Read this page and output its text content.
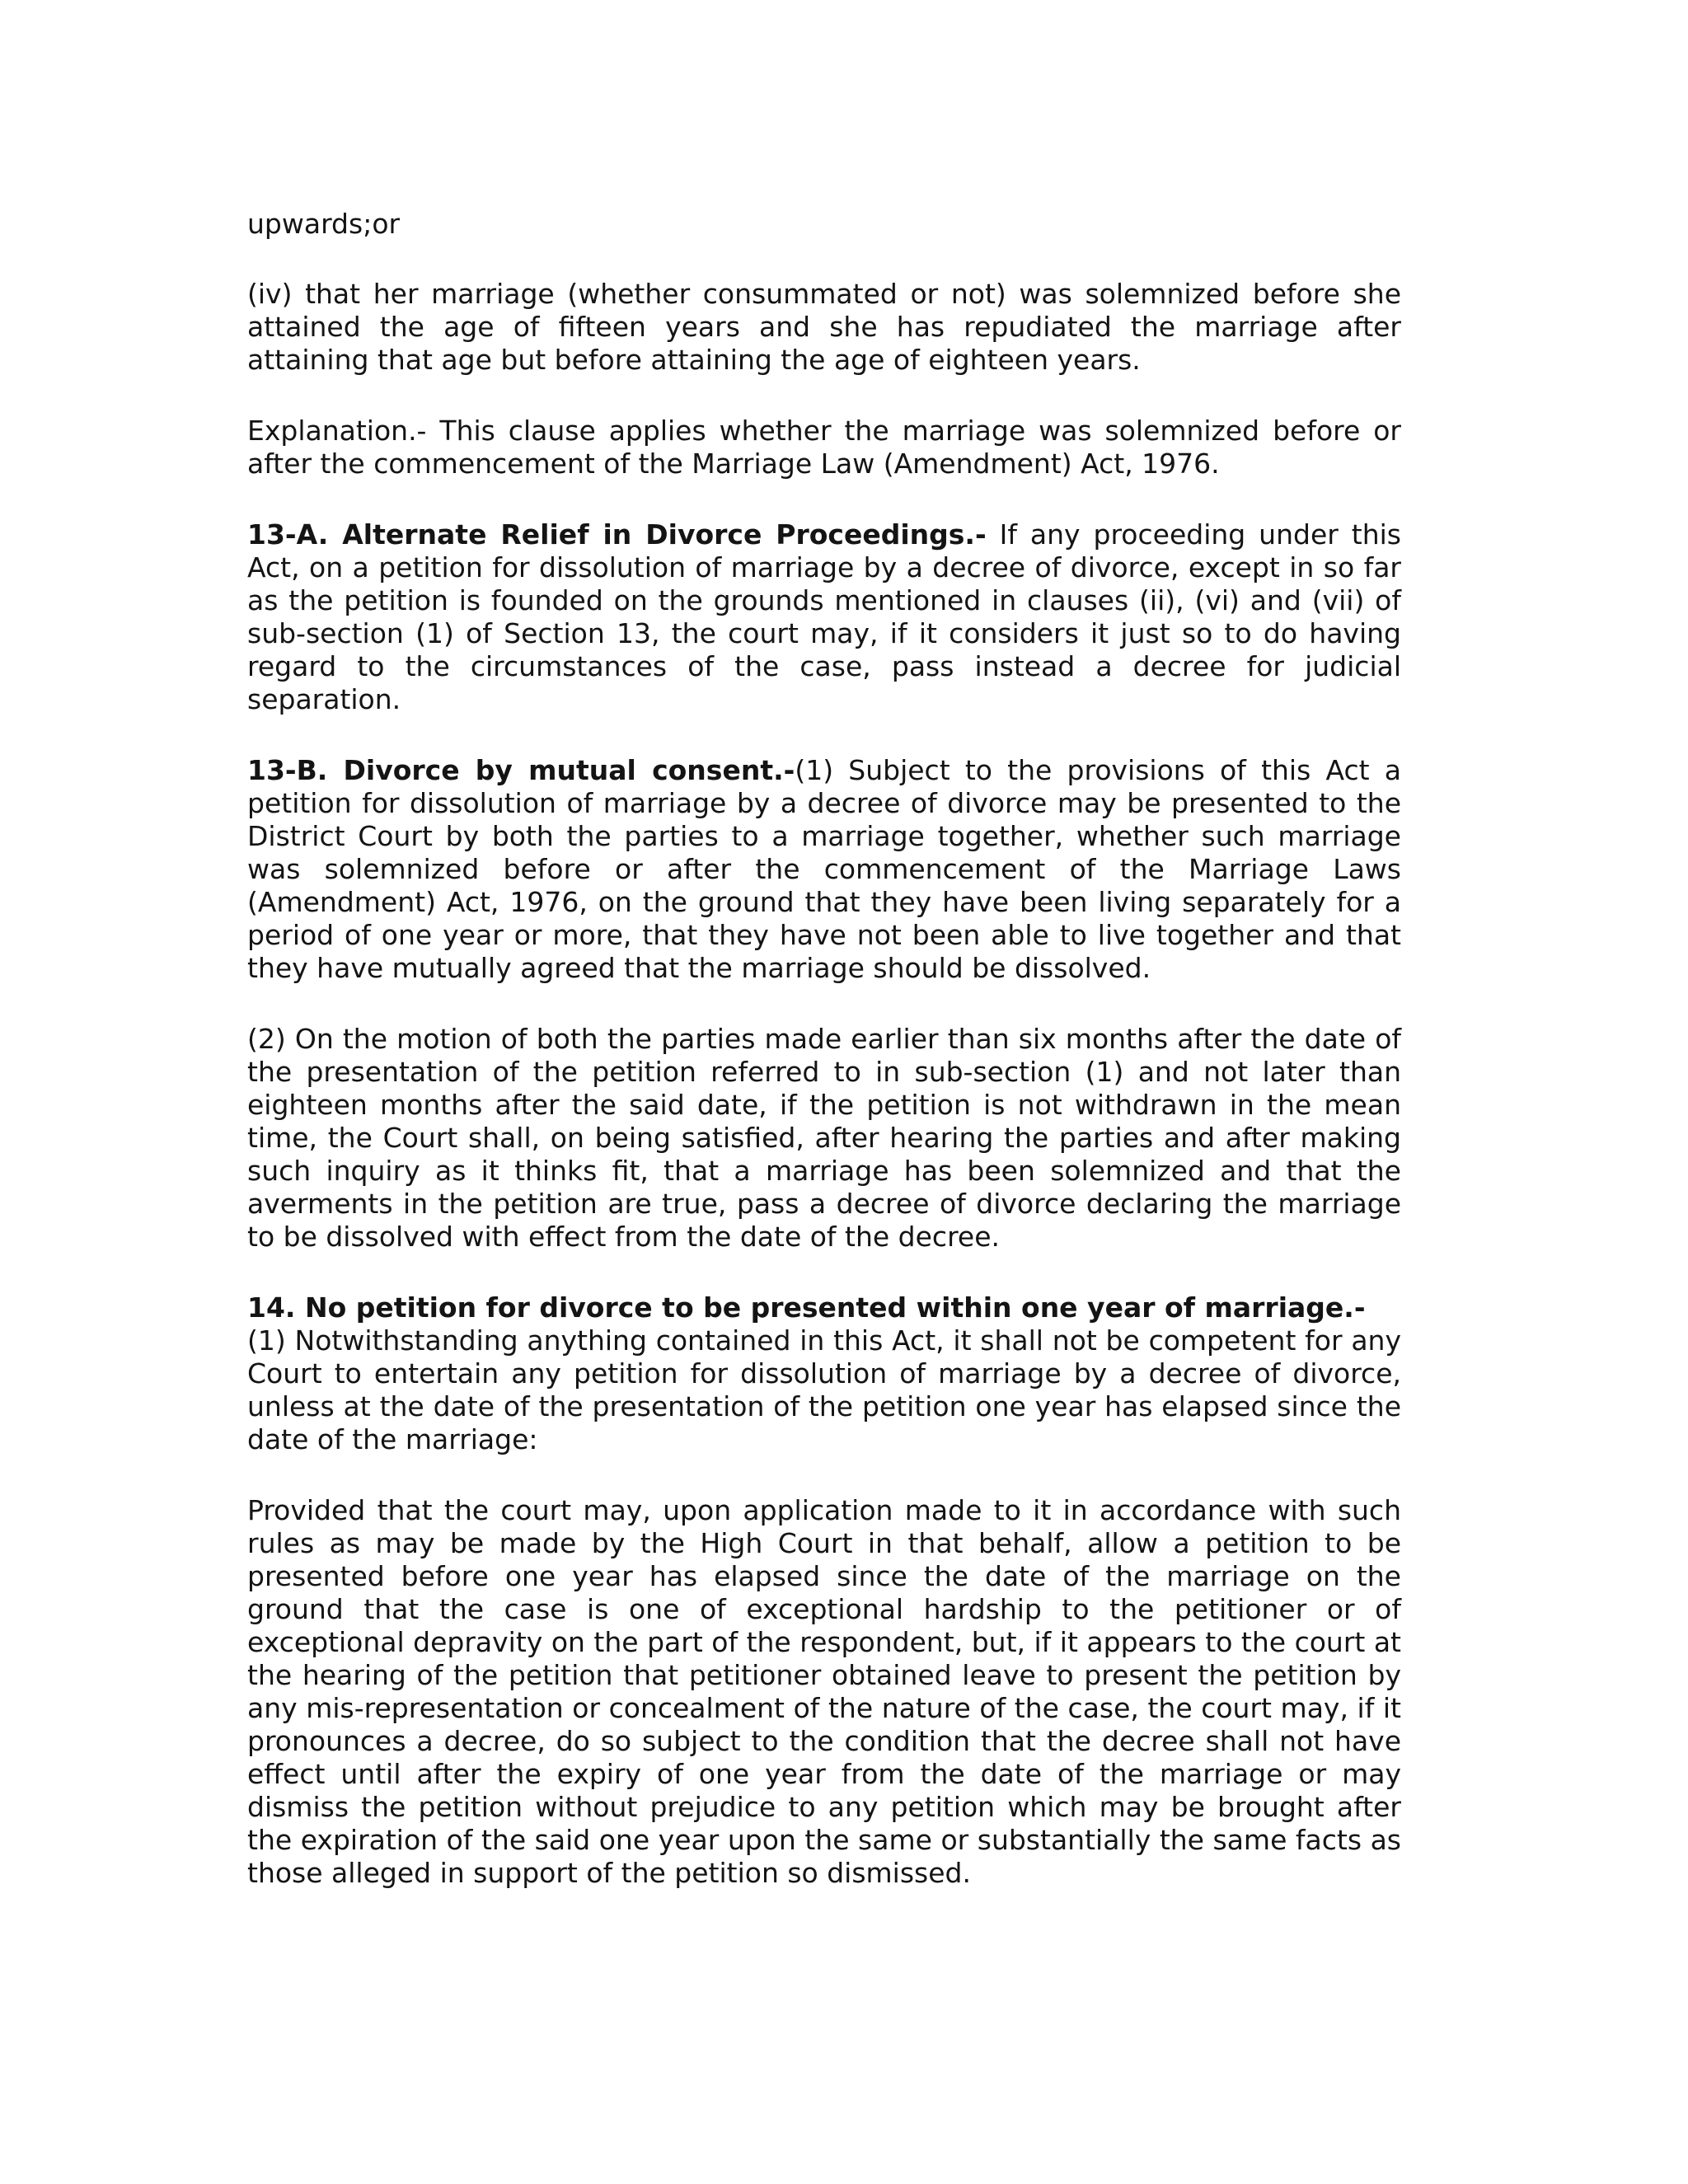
upwards;or

(iv) that her marriage (whether consummated or not) was solemnized before she attained the age of fifteen years and she has repudiated the marriage after attaining that age but before attaining the age of eighteen years.

Explanation.- This clause applies whether the marriage was solemnized before or after the commencement of the Marriage Law (Amendment) Act, 1976.

13-A. Alternate Relief in Divorce Proceedings.- If any proceeding under this Act, on a petition for dissolution of marriage by a decree of divorce, except in so far as the petition is founded on the grounds mentioned in clauses (ii), (vi) and (vii) of sub-section (1) of Section 13, the court may, if it considers it just so to do having regard to the circumstances of the case, pass instead a decree for judicial separation.

13-B. Divorce by mutual consent.-(1) Subject to the provisions of this Act a petition for dissolution of marriage by a decree of divorce may be presented to the District Court by both the parties to a marriage together, whether such marriage was solemnized before or after the commencement of the Marriage Laws (Amendment) Act, 1976, on the ground that they have been living separately for a period of one year or more, that they have not been able to live together and that they have mutually agreed that the marriage should be dissolved.

(2) On the motion of both the parties made earlier than six months after the date of the presentation of the petition referred to in sub-section (1) and not later than eighteen months after the said date, if the petition is not withdrawn in the mean time, the Court shall, on being satisfied, after hearing the parties and after making such inquiry as it thinks fit, that a marriage has been solemnized and that the averments in the petition are true, pass a decree of divorce declaring the marriage to be dissolved with effect from the date of the decree.

14. No petition for divorce to be presented within one year of marriage.-
(1) Notwithstanding anything contained in this Act, it shall not be competent for any Court to entertain any petition for dissolution of marriage by a decree of divorce, unless at the date of the presentation of the petition one year has elapsed since the date of the marriage:

Provided that the court may, upon application made to it in accordance with such rules as may be made by the High Court in that behalf, allow a petition to be presented before one year has elapsed since the date of the marriage on the ground that the case is one of exceptional hardship to the petitioner or of exceptional depravity on the part of the respondent, but, if it appears to the court at the hearing of the petition that petitioner obtained leave to present the petition by any mis-representation or concealment of the nature of the case, the court may, if it pronounces a decree, do so subject to the condition that the decree shall not have effect until after the expiry of one year from the date of the marriage or may dismiss the petition without prejudice to any petition which may be brought after the expiration of the said one year upon the same or substantially the same facts as those alleged in support of the petition so dismissed.
